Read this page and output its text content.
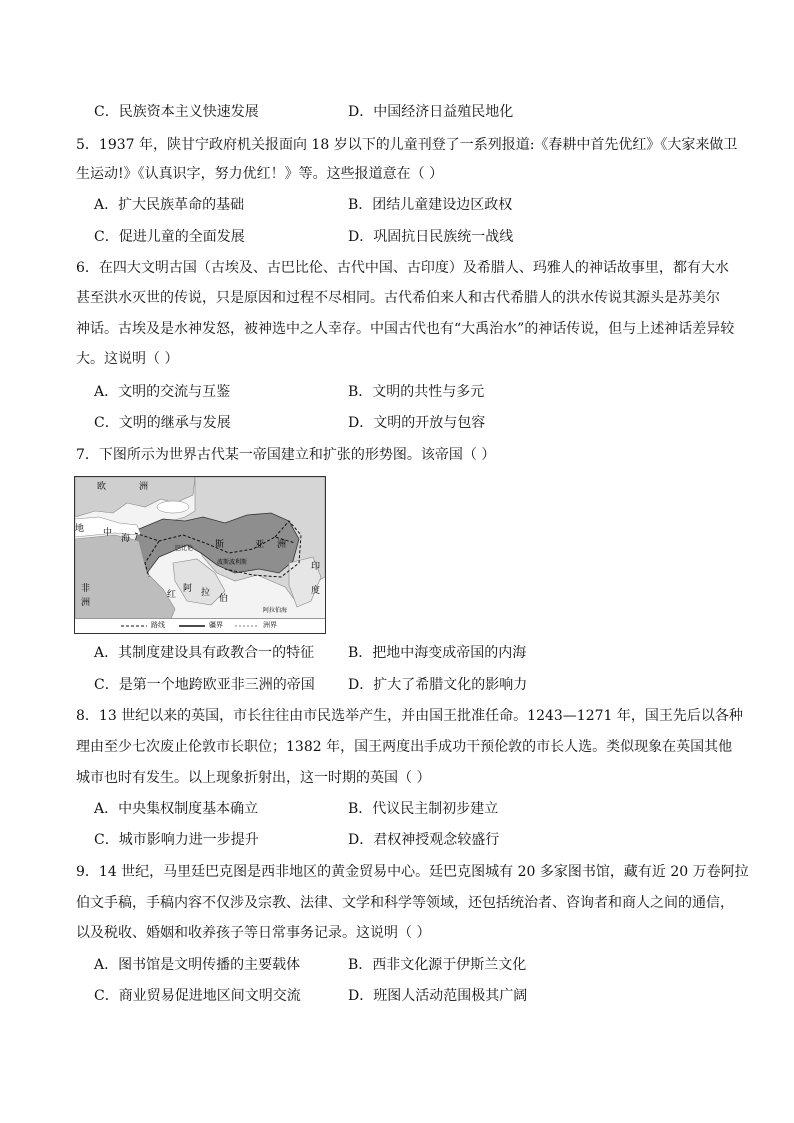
C．民族资本主义快速发展	D．中国经济日益殖民地化
5．1937 年，陕甘宁政府机关报面向 18 岁以下的儿童刊登了一系列报道:《春耕中首先优红》《大家来做卫
生运动!》《认真识字，努力优红！》等。这些报道意在（ ）
A．扩大民族革命的基础	B．团结儿童建设边区政权
C．促进儿童的全面发展	D．巩固抗日民族统一战线
6．在四大文明古国（古埃及、古巴比伦、古代中国、古印度）及希腊人、玛雅人的神话故事里，都有大水
甚至洪水灭世的传说，只是原因和过程不尽相同。古代希伯来人和古代希腊人的洪水传说其源头是苏美尔
神话。古埃及是水神发怒，被神选中之人幸存。中国古代也有“大禹治水”的神话传说，但与上述神话差异较
大。这说明（ ）
A．文明的交流与互鉴	B．文明的共性与多元
C．文明的继承与发展	D．文明的开放与包容
7．下图所示为世界古代某一帝国建立和扩张的形势图。该帝国（ ）
欧	洲
地 中
海
巴比伦 斯	亚 洲
波斯波利斯
非
洲
红
阿 拉
伯
印
度
阿拉伯海
路线	疆界	洲界
A．其制度建设具有政教合一的特征 B．把地中海变成帝国的内海
C．是第一个地跨欧亚非三洲的帝国 D．扩大了希腊文化的影响力
8．13 世纪以来的英国，市长往往由市民选举产生，并由国王批准任命。1243—1271 年，国王先后以各种
理由至少七次废止伦敦市长职位；1382 年，国王两度出手成功干预伦敦的市长人选。类似现象在英国其他
城市也时有发生。以上现象折射出，这一时期的英国（ ）
A．中央集权制度基本确立	B．代议民主制初步建立
C．城市影响力进一步提升	D．君权神授观念较盛行
9．14 世纪，马里廷巴克图是西非地区的黄金贸易中心。廷巴克图城有 20 多家图书馆，藏有近 20 万卷阿拉
伯文手稿，手稿内容不仅涉及宗教、法律、文学和科学等领域，还包括统治者、咨询者和商人之间的通信，
以及税收、婚姻和收养孩子等日常事务记录。这说明（ ）
A．图书馆是文明传播的主要载体	B．西非文化源于伊斯兰文化
C．商业贸易促进地区间文明交流	D．班图人活动范围极其广阔
